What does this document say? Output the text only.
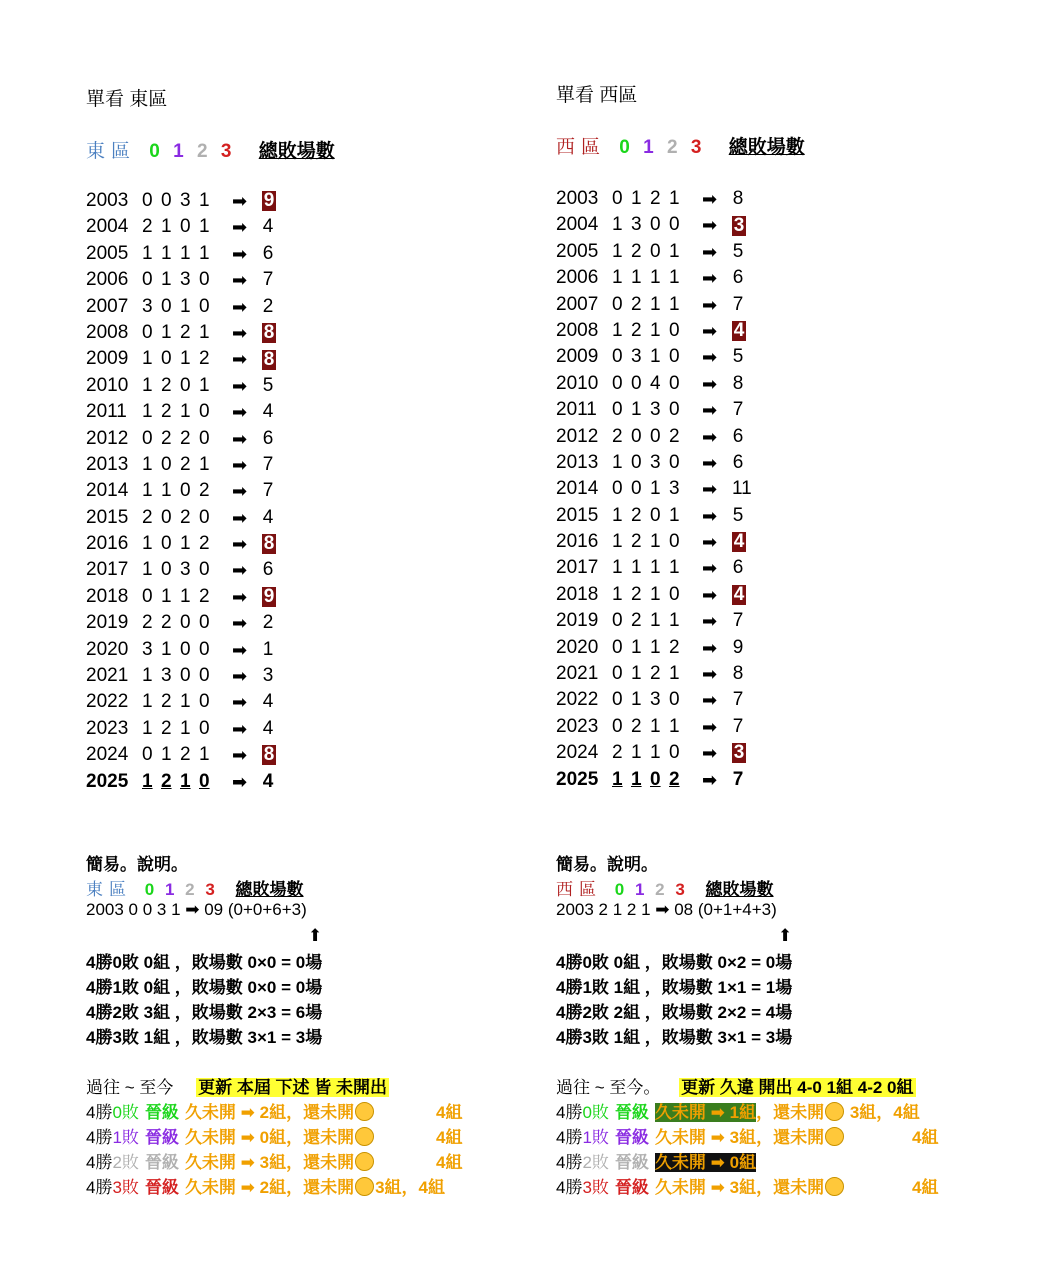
單看 東區
東區 0 1 2 3 總敗場數
2003 0 0 3 1	➡ 9
2004 2 1 0 1	➡ 4
2005 1 1 1 1	➡ 6
2006 0 1 3 0	➡ 7
2007 3 0 1 0	➡ 2
2008 0 1 2 1	➡ 8
2009 1 0 1 2	➡ 8
2010 1 2 0 1	➡ 5
2011 1 2 1 0	➡ 4
2012 0 2 2 0	➡ 6
2013 1 0 2 1	➡ 7
2014 1 1 0 2	➡ 7
2015 2 0 2 0	➡ 4
2016 1 0 1 2	➡ 8
2017 1 0 3 0	➡ 6
2018 0 1 1 2	➡ 9
2019 2 2 0 0	➡ 2
2020 3 1 0 0	➡ 1
2021 1 3 0 0	➡ 3
2022 1 2 1 0	➡ 4
2023 1 2 1 0	➡ 4
2024 0 1 2 1	➡ 8
2025 1 2 1 0	➡ 4
簡易。說明。
東區 0 1 2 3 總敗場數
2003 0 0 3 1 ➡ 09 (0+0+6+3)
⬆
4勝0敗 0組 ，敗場數 0×0 = 0場
4勝1敗 0組 ，敗場數 0×0 = 0場
4勝2敗 3組 ，敗場數 2×3 = 6場
4勝3敗 1組 ，敗場數 3×1 = 3場
過往 ~ 至今 更新 本屆 下述 皆 未開出
4勝0敗 晉級 久未開 ➡ 2組，還未開	4組
4勝1敗 晉級 久未開 ➡ 0組，還未開	4組
4勝2敗 晉級 久未開 ➡ 3組，還未開	4組
4勝3敗 晉級 久未開 ➡ 2組，還未開 3組，4組
單看 西區
西區 0 1 2 3 總敗場數
2003 0 1 2 1	➡ 8
2004 1 3 0 0	➡ 3
2005 1 2 0 1	➡ 5
2006 1 1 1 1	➡ 6
2007 0 2 1 1	➡ 7
2008 1 2 1 0	➡ 4
2009 0 3 1 0	➡ 5
2010 0 0 4 0	➡ 8
2011 0 1 3 0	➡ 7
2012 2 0 0 2	➡ 6
2013 1 0 3 0	➡ 6
2014 0 0 1 3	➡ 11
2015 1 2 0 1	➡ 5
2016 1 2 1 0	➡ 4
2017 1 1 1 1	➡ 6
2018 1 2 1 0	➡ 4
2019 0 2 1 1	➡ 7
2020 0 1 1 2	➡ 9
2021 0 1 2 1	➡ 8
2022 0 1 3 0	➡ 7
2023 0 2 1 1	➡ 7
2024 2 1 1 0	➡ 3
2025 1 1 0 2	➡ 7
簡易。說明。
西區 0 1 2 3 總敗場數
2003 2 1 2 1 ➡ 08 (0+1+4+3)
⬆
4勝0敗 0組 ，敗場數 0×2 = 0場
4勝1敗 1組 ，敗場數 1×1 = 1場
4勝2敗 2組 ，敗場數 2×2 = 4場
4勝3敗 1組 ，敗場數 3×1 = 3場
過往 ~ 至今。 更新 久違 開出 4-0 1組 4-2 0組
4勝0敗 晉級 久未開 ➡ 1組，還未開 3組，4組
4勝1敗 晉級 久未開 ➡ 3組，還未開	4組
4勝2敗 晉級 久未開 ➡ 0組
4勝3敗 晉級 久未開 ➡ 3組，還未開	4組
